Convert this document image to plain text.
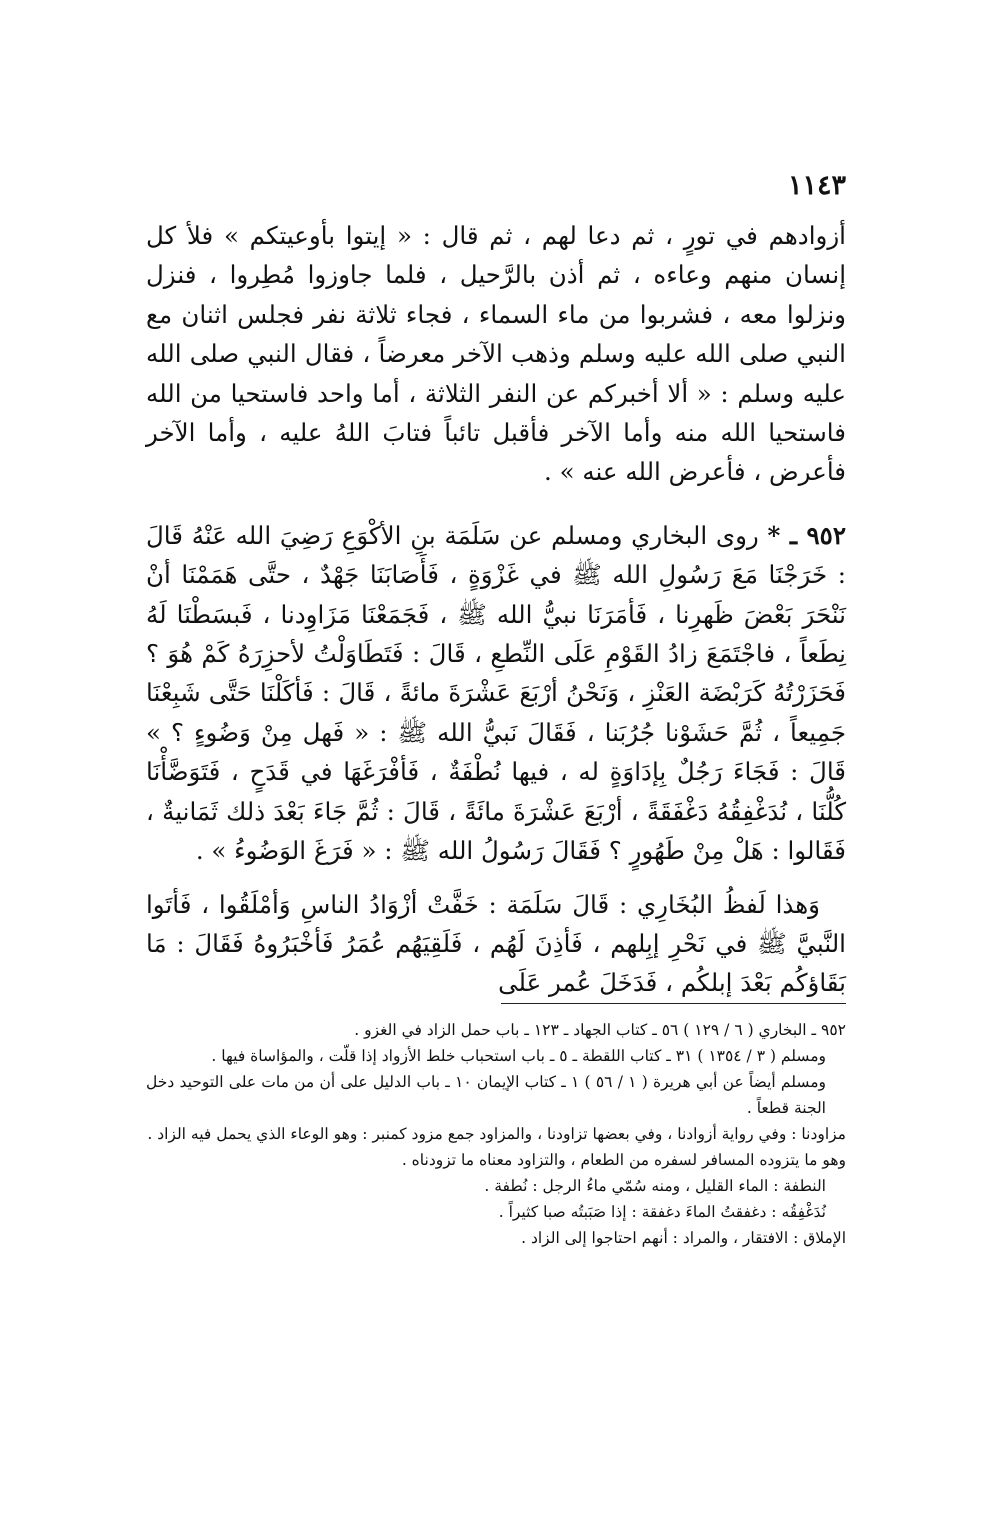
١١٤٣

أزوادهم في تورٍ ، ثم دعا لهم ، ثم قال : « إيتوا بأوعيتكم » فلأ كل إنسان منهم وعاءه ، ثم أذن بالرَّحيل ، فلما جاوزوا مُطِروا ، فنزل ونزلوا معه ، فشربوا من ماء السماء ، فجاء ثلاثة نفر فجلس اثنان مع النبي صلى الله عليه وسلم وذهب الآخر معرضاً ، فقال النبي صلى الله عليه وسلم : « ألا أخبركم عن النفر الثلاثة ، أما واحد فاستحيا من الله فاستحيا الله منه وأما الآخر فأقبل تائباً فتابَ اللهُ عليه ، وأما الآخر فأعرض ، فأعرض الله عنه » .

٩٥٢ ـ * روى البخاري ومسلم عن سَلَمَة بنِ الأكْوَعِ رَضِيَ الله عَنْهُ قَالَ : خَرَجْنَا مَعَ رَسُولِ الله ﷺ في غَزْوَةٍ ، فَأَصَابَنَا جَهْدٌ ، حتَّى هَمَمْنَا أنْ نَنْحَرَ بَعْضَ ظَهرِنا ، فَأمَرَنَا نبيُّ الله ﷺ ، فَجَمَعْنَا مَزَاوِدنا ، فَبسَطْنَا لَهُ نِطَعاً ، فاجْتَمَعَ زادُ القَوْمِ عَلَى النِّطعِ ، قَالَ : فَتَطَاوَلْتُ لأحزِرَهُ كَمْ هُوَ ؟ فَحَزَرْتُهُ كَرَبْضَة العَنْزِ ، وَنَحْنُ أرْبَعَ عَشْرَةَ مائةً ، قَالَ : فَأكَلْنَا حَتَّى شَبِعْنَا جَمِيعاً ، ثُمَّ حَشَوْنا جُرُبَنا ، فَقَالَ نَبيُّ الله ﷺ : « فَهل مِنْ وَضُوءٍ ؟ » قَالَ : فَجَاءَ رَجُلٌ بِإدَاوَةٍ له ، فيها نُطْفَةٌ ، فَأفْرَغَهَا في قَدَحٍ ، فَتَوَضَّأْنَا كُلُّنَا ، نُدَغْفِقُهُ دَغْفَقَةً ، أرْبَعَ عَشْرَةَ مائَةً ، قَالَ : ثُمَّ جَاءَ بَعْدَ ذلك ثَمَانيةٌ ، فَقَالوا : هَلْ مِنْ طَهُورٍ ؟ فَقَالَ رَسُولُ الله ﷺ : « فَرَغَ الوَضُوءُ » .

وَهذا لَفظُ البُخَارِي : قَالَ سَلَمَة : خَفَّتْ أزْوَادُ الناسِ وَأمْلَقُوا ، فَأتَوا النَّبيَّ ﷺ في نَحْرِ إبِلهم ، فَأذِنَ لَهُم ، فَلَقِيَهُم عُمَرُ فَأخْبَرُوهُ فَقَالَ : مَا بَقَاؤكُم بَعْدَ إبلكُم ، فَدَخَلَ عُمر عَلَى

٩٥٢ ـ البخاري ( ٦ / ١٢٩ ) ٥٦ ـ كتاب الجهاد ـ ١٢٣ ـ باب حمل الزاد في الغزو .

ومسلم ( ٣ / ١٣٥٤ ) ٣١ ـ كتاب اللقطة ـ ٥ ـ باب استحباب خلط الأزواد إذا قلّت ، والمؤاساة فيها .

ومسلم أيضاً عن أبي هريرة ( ١ / ٥٦ ) ١ ـ كتاب الإيمان ١٠ ـ باب الدليل على أن من مات على التوحيد دخل الجنة قطعاً .

مزاودنا : وفي رواية أزوادنا ، وفي بعضها تزاودنا ، والمزاود جمع مزود كمنبر : وهو الوعاء الذي يحمل فيه الزاد .

وهو ما يتزوده المسافر لسفره من الطعام ، والتزاود معناه ما تزودناه .

النطفة : الماء القليل ، ومنه سُمّي ماءُ الرجل : نُطفة .

نُدَغْفِقُه : دغفقتُ الماءَ دغفقة : إذا صَبَبتُه صبا كثيراً .

الإملاق : الافتقار ، والمراد : أنهم احتاجوا إلى الزاد .
